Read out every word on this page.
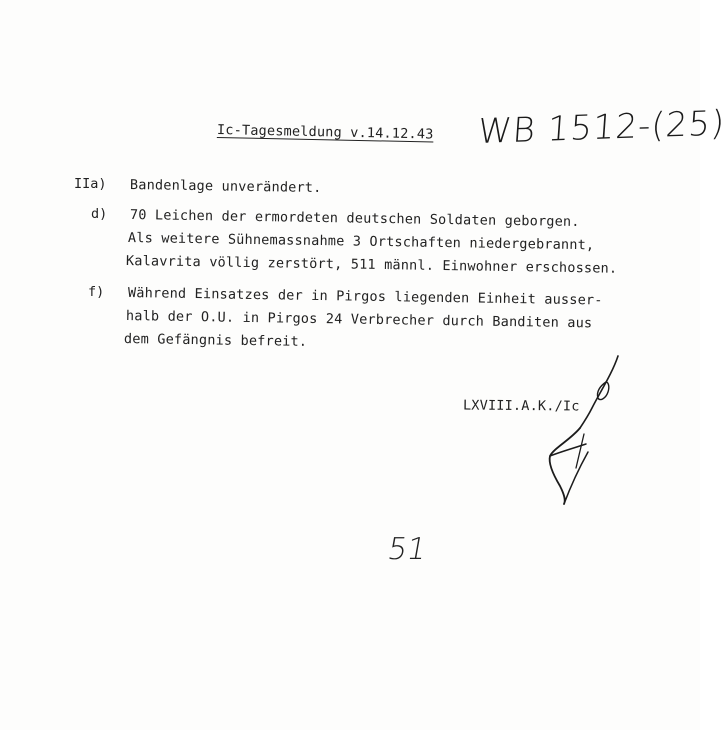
Ic-Tagesmeldung v.14.12.43 WB 1512-(25)
IIa) Bandenlage unverändert.
d) 70 Leichen der ermordeten deutschen Soldaten geborgen.
Als weitere Sühnemassnahme 3 Ortschaften niedergebrannt,
Kalavrita völlig zerstört, 511 männl. Einwohner erschossen.
f) Während Einsatzes der in Pirgos liegenden Einheit ausser-
halb der O.U. in Pirgos 24 Verbrecher durch Banditen aus
dem Gefängnis befreit.
LXVIII.A.K./Ic
51
